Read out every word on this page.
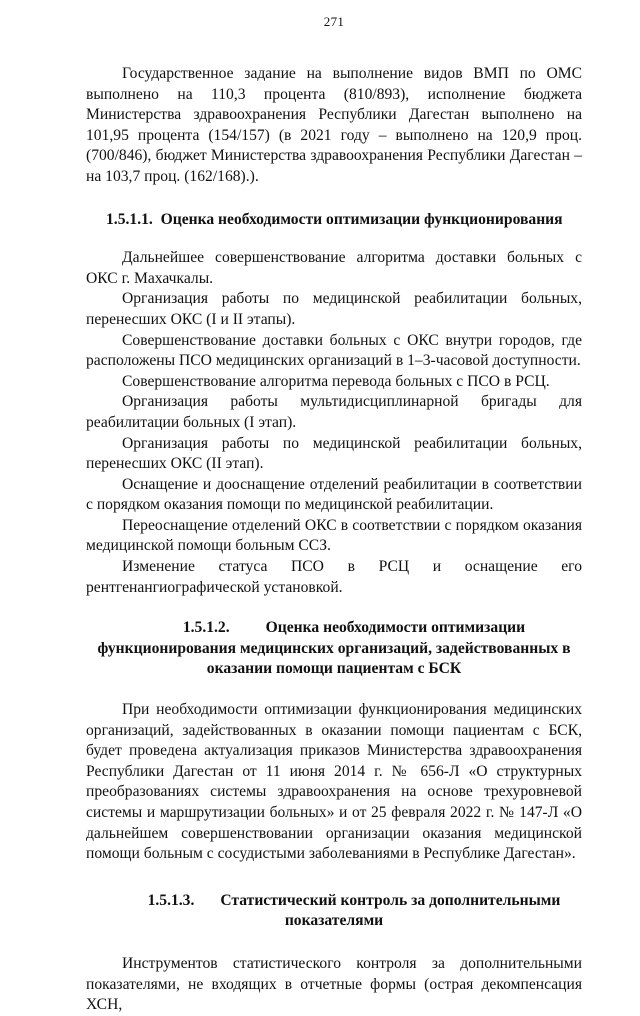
271

Государственное задание на выполнение видов ВМП по ОМС выполнено на 110,3 процента (810/893), исполнение бюджета Министерства здравоохранения Республики Дагестан выполнено на 101,95 процента (154/157) (в 2021 году – выполнено на 120,9 проц. (700/846), бюджет Министерства здравоохранения Республики Дагестан – на 103,7 проц. (162/168).).

1.5.1.1. Оценка необходимости оптимизации функционирования

Дальнейшее совершенствование алгоритма доставки больных с ОКС г. Махачкалы.

Организация работы по медицинской реабилитации больных, перенесших ОКС (I и II этапы).

Совершенствование доставки больных с ОКС внутри городов, где расположены ПСО медицинских организаций в 1–3-часовой доступности.

Совершенствование алгоритма перевода больных с ПСО в РСЦ.

Организация работы мультидисциплинарной бригады для реабилитации больных (I этап).

Организация работы по медицинской реабилитации больных, перенесших ОКС (II этап).

Оснащение и дооснащение отделений реабилитации в соответствии с порядком оказания помощи по медицинской реабилитации.

Переоснащение отделений ОКС в соответствии с порядком оказания медицинской помощи больным ССЗ.

Изменение статуса ПСО в РСЦ и оснащение его рентгенангиографической установкой.

1.5.1.2. Оценка необходимости оптимизации
функционирования медицинских организаций, задействованных в
оказании помощи пациентам с БСК

При необходимости оптимизации функционирования медицинских организаций, задействованных в оказании помощи пациентам с БСК, будет проведена актуализация приказов Министерства здравоохранения Республики Дагестан от 11 июня 2014 г. № 656-Л «О структурных преобразованиях системы здравоохранения на основе трехуровневой системы и маршрутизации больных» и от 25 февраля 2022 г. № 147-Л «О дальнейшем совершенствовании организации оказания медицинской помощи больным с сосудистыми заболеваниями в Республике Дагестан».

1.5.1.3. Статистический контроль за дополнительными
показателями

Инструментов статистического контроля за дополнительными показателями, не входящих в отчетные формы (острая декомпенсация ХСН,
